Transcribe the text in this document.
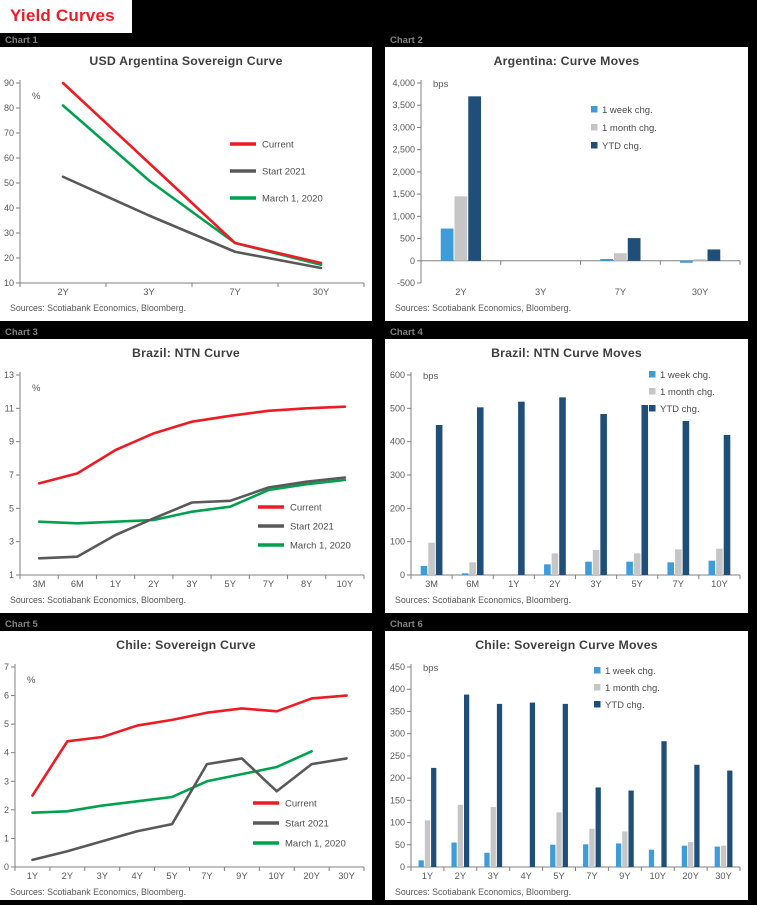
Yield Curves
Chart 1
USD Argentina Sovereign Curve
10
20
30
40
50
60
70
80
90
%
2Y	3Y	7Y	30Y
Current
Start 2021
March 1, 2020
Sources: Scotiabank Economics, Bloomberg.
Chart 2
Argentina: Curve Moves
-500
0
500
1,000
1,500
2,000
2,500
3,000
3,500
4,000 bps
2Y	3Y	7Y	30Y
1 week chg.
1 month chg.
YTD chg.
Sources: Scotiabank Economics, Bloomberg.
Chart 3
Brazil: NTN Curve
1
3
5
7
9
11
13
%
3M	6M	1Y	2Y	3Y	5Y	7Y	8Y	10Y
Current
Start 2021
March 1, 2020
Sources: Scotiabank Economics, Bloomberg.
Chart 4
Brazil: NTN Curve Moves
0
100
200
300
400
500
600 bps
3M	6M	1Y	2Y	3Y	5Y	7Y	10Y
1 week chg.
1 month chg.
YTD chg.
Sources: Scotiabank Economics, Bloomberg.
Chart 5
Chile: Sovereign Curve
0
1
2
3
4
5
6
7
%
1Y	2Y	3Y	4Y	5Y	7Y	9Y 10Y 20Y 30Y
Current
Start 2021
March 1, 2020
Sources: Scotiabank Economics, Bloomberg.
Chart 6
Chile: Sovereign Curve Moves
0
50
100
150
200
250
300
350
400
450 bps
1Y 2Y 3Y 4Y 5Y 7Y 9Y 10Y 20Y 30Y
1 week chg.
1 month chg.
YTD chg.
Sources: Scotiabank Economics, Bloomberg.
